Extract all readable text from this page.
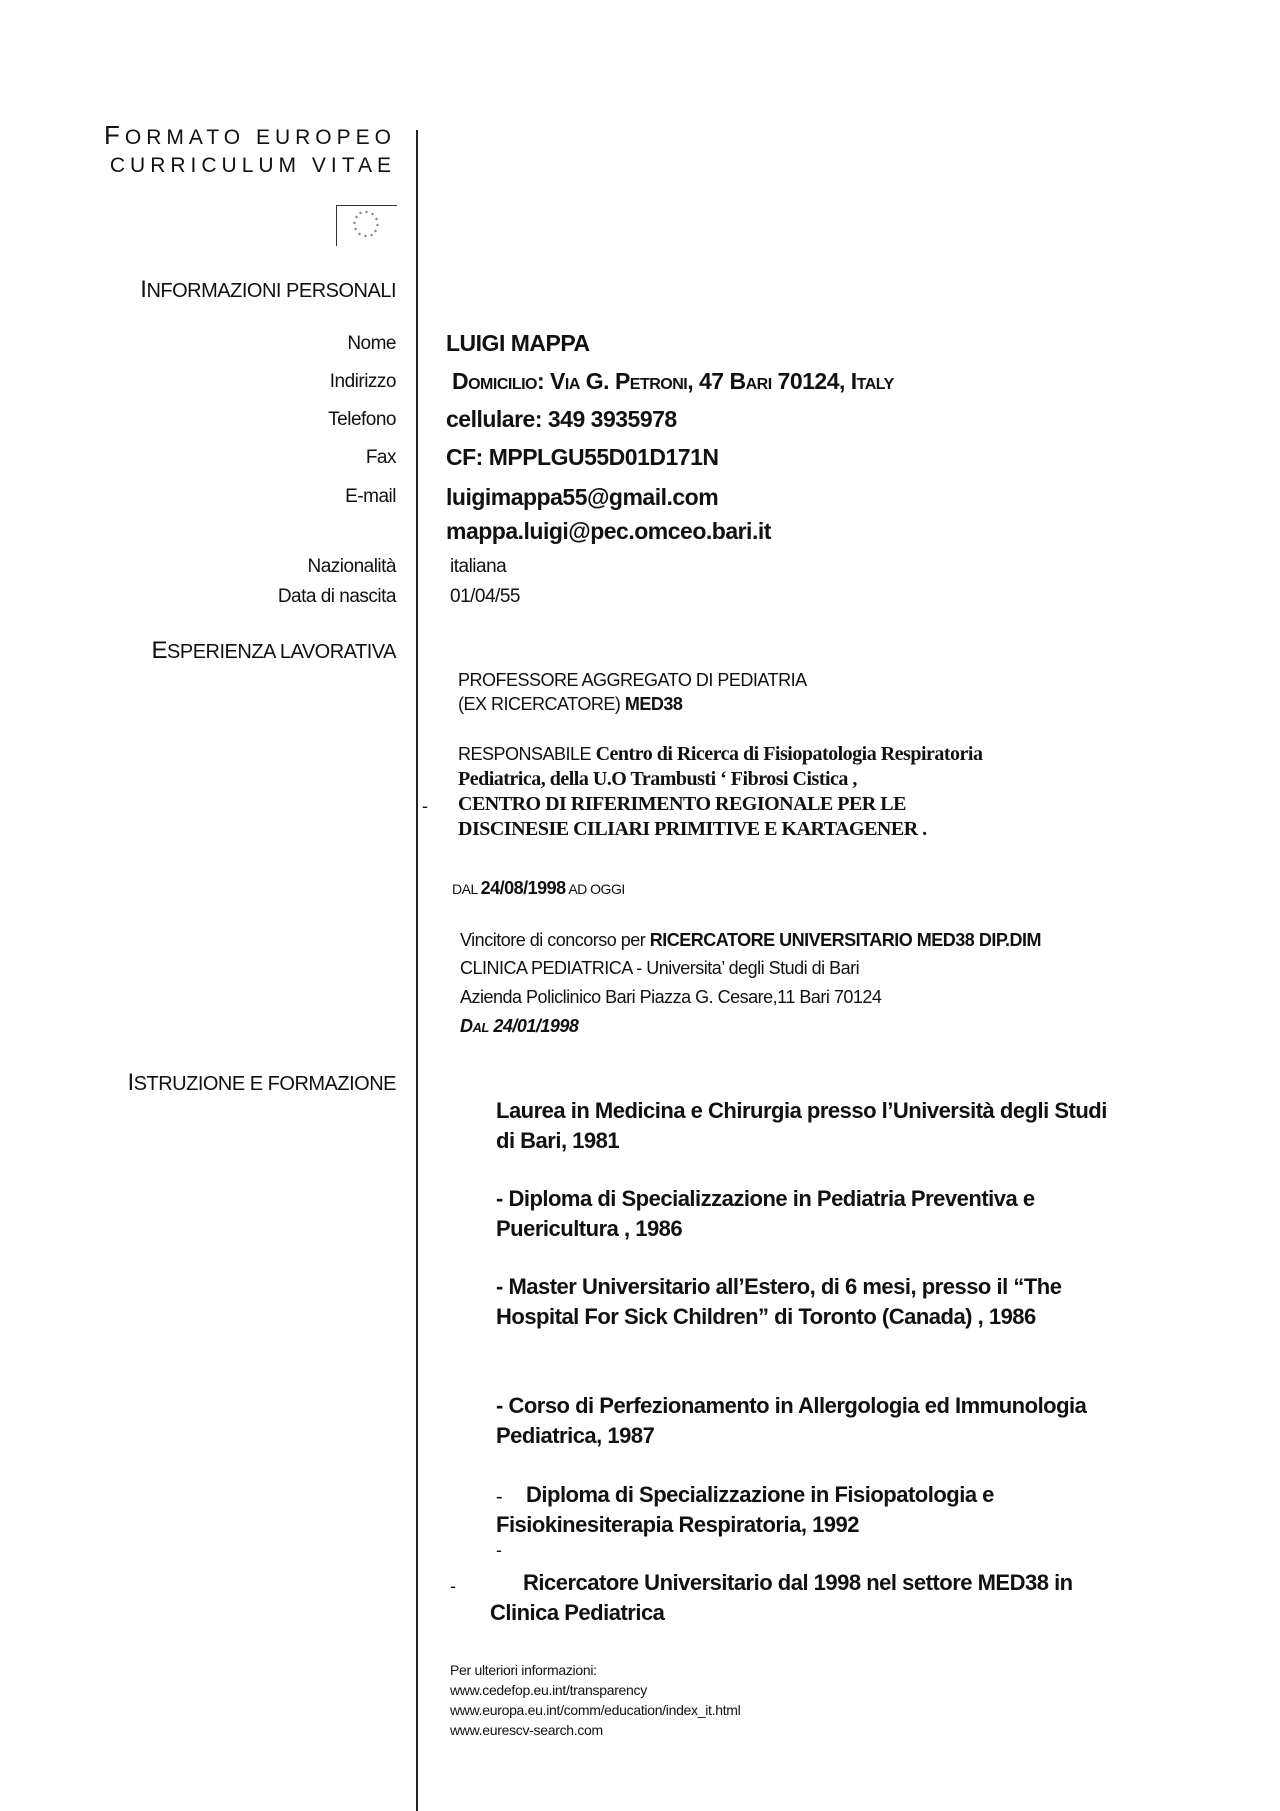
FORMATO EUROPEO
CURRICULUM VITAE
* *
*
*
*
*
*
*
*
*
*
*
INFORMAZIONI PERSONALI
Nome LUIGI MAPPA
Indirizzo Domicilio: Via G. Petroni, 47 Bari 70124, Italy
Telefono cellulare: 349 3935978
Fax CF: MPPLGU55D01D171N
E-mail luigimappa55@gmail.com
mappa.luigi@pec.omceo.bari.it
Nazionalità	italiana
Data di nascita	01/04/55
ESPERIENZA LAVORATIVA
PROFESSORE AGGREGATO DI PEDIATRIA
(EX RICERCATORE) MED38
RESPONSABILE Centro di Ricerca di Fisiopatologia Respiratoria
Pediatrica, della U.O Trambusti ‘ Fibrosi Cistica ,
CENTRO DI RIFERIMENTO REGIONALE PER LE
DISCINESIE CILIARI PRIMITIVE E KARTAGENER .
-
DAL 24/08/1998 AD OGGI
Vincitore di concorso per RICERCATORE UNIVERSITARIO MED38 DIP.DIM
CLINICA PEDIATRICA - Universita’ degli Studi di Bari
Azienda Policlinico Bari Piazza G. Cesare,11 Bari 70124
Dal 24/01/1998
ISTRUZIONE E FORMAZIONE
Laurea in Medicina e Chirurgia presso l’Università degli Studi di Bari, 1981
- Diploma di Specializzazione in Pediatria Preventiva e Puericultura , 1986
- Master Universitario all’Estero, di 6 mesi, presso il “The Hospital For Sick Children” di Toronto (Canada) , 1986
- Corso di Perfezionamento in Allergologia ed Immunologia Pediatrica, 1987
-	Diploma di Specializzazione in Fisiopatologia e Fisiokinesiterapia Respiratoria, 1992
-
-	Ricercatore Universitario dal 1998 nel settore MED38 in
Clinica Pediatrica
Per ulteriori informazioni:
www.cedefop.eu.int/transparency
www.europa.eu.int/comm/education/index_it.html
www.eurescv-search.com
